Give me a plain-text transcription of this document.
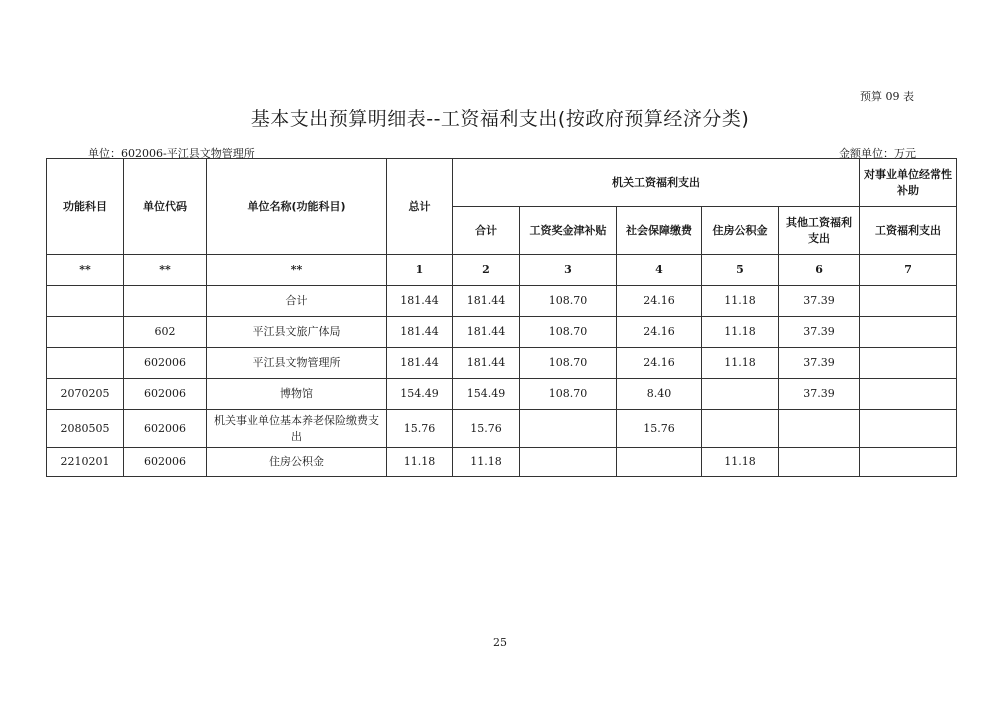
预算 09 表
基本支出预算明细表--工资福利支出(按政府预算经济分类)
单位：602006-平江县文物管理所	金额单位：万元
功能科目	单位代码	单位名称(功能科目)	总计	机关工资福利支出					对事业单位经常性补助
				合计	工资奖金津补贴	社会保障缴费	住房公积金	其他工资福利支出	工资福利支出
**	**	**	1	2	3	4	5	6	7
		合计	181.44	181.44	108.70	24.16	11.18	37.39	
	602	平江县文旅广体局	181.44	181.44	108.70	24.16	11.18	37.39	
	602006	平江县文物管理所	181.44	181.44	108.70	24.16	11.18	37.39	
2070205	602006	博物馆	154.49	154.49	108.70	8.40		37.39	
2080505	602006	机关事业单位基本养老保险缴费支出	15.76	15.76		15.76			
2210201	602006	住房公积金	11.18	11.18			11.18		
25
